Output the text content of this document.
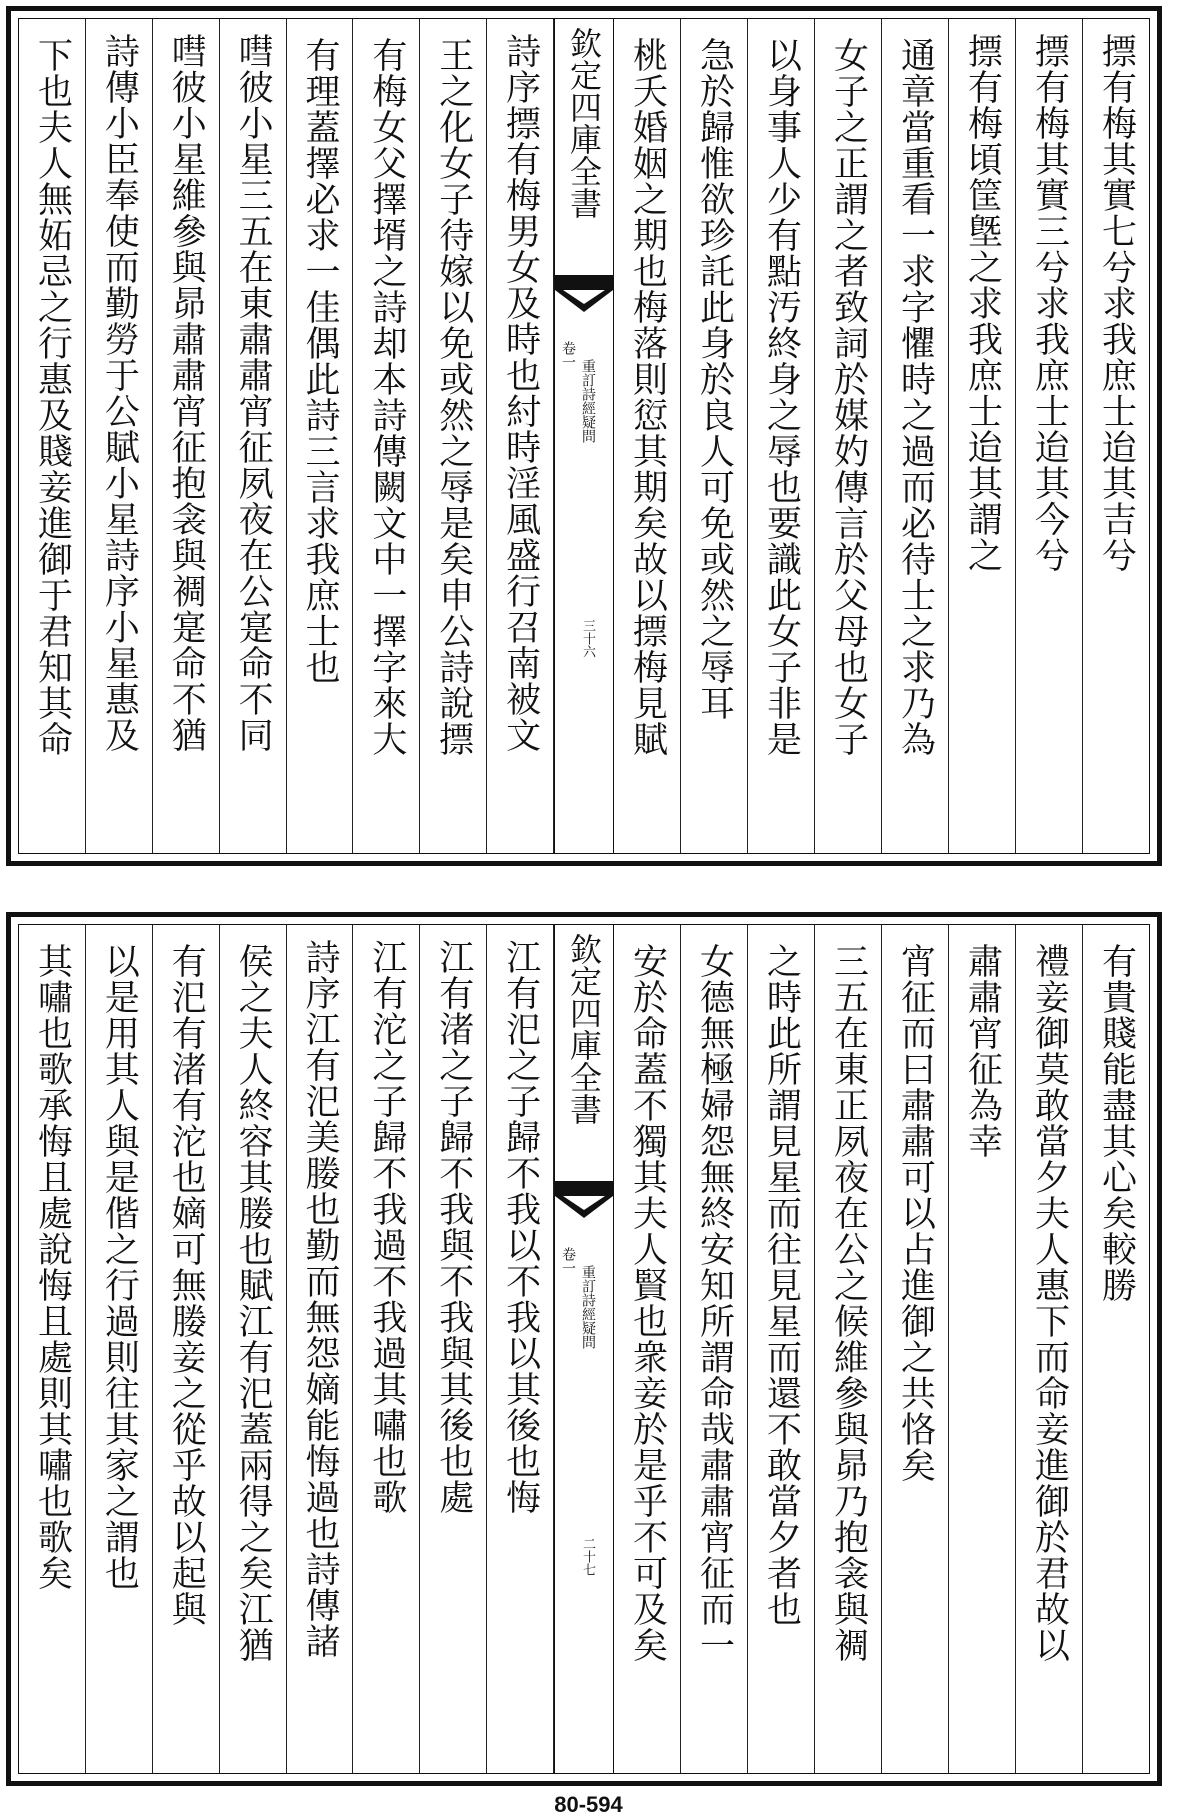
摽有梅其實七兮求我庶士迨其吉兮
摽有梅其實三兮求我庶士迨其今兮
摽有梅頃筐墍之求我庶士迨其謂之
通章當重看一求字懼時之過而必待士之求乃為
女子之正謂之者致詞於媒妁傳言於父母也女子
以身事人少有點汚終身之辱也要識此女子非是
急於歸惟欲珍託此身於良人可免或然之辱耳
桃夭婚姻之期也梅落則愆其期矣故以摽梅見賦
欽定四庫全書
重訂詩經疑問
卷一
三十六
詩序摽有梅男女及時也紂時淫風盛行召南被文
王之化女子待嫁以免或然之辱是矣申公詩說摽
有梅女父擇壻之詩却本詩傳闕文中一擇字來大
有理蓋擇必求一佳偶此詩三言求我庶士也
嘒彼小星三五在東肅肅宵征夙夜在公寔命不同
嘒彼小星維參與昴肅肅宵征抱衾與裯寔命不猶
詩傳小臣奉使而勤勞于公賦小星詩序小星惠及
下也夫人無妬忌之行惠及賤妾進御于君知其命
有貴賤能盡其心矣較勝
禮妾御莫敢當夕夫人惠下而命妾進御於君故以
肅肅宵征為幸
宵征而曰肅肅可以占進御之共恪矣
三五在東正夙夜在公之候維參與昴乃抱衾與裯
之時此所謂見星而往見星而還不敢當夕者也
女德無極婦怨無終安知所謂命哉肅肅宵征而一
安於命蓋不獨其夫人賢也衆妾於是乎不可及矣
欽定四庫全書
重訂詩經疑問
卷一
二十七
江有汜之子歸不我以不我以其後也悔
江有渚之子歸不我與不我與其後也處
江有沱之子歸不我過不我過其嘯也歌
詩序江有汜美媵也勤而無怨嫡能悔過也詩傳諸
侯之夫人終容其媵也賦江有汜蓋兩得之矣江猶
有汜有渚有沱也嫡可無媵妾之從乎故以起與
以是用其人與是偕之行過則往其家之謂也
其嘯也歌承悔且處說悔且處則其嘯也歌矣
80-594
